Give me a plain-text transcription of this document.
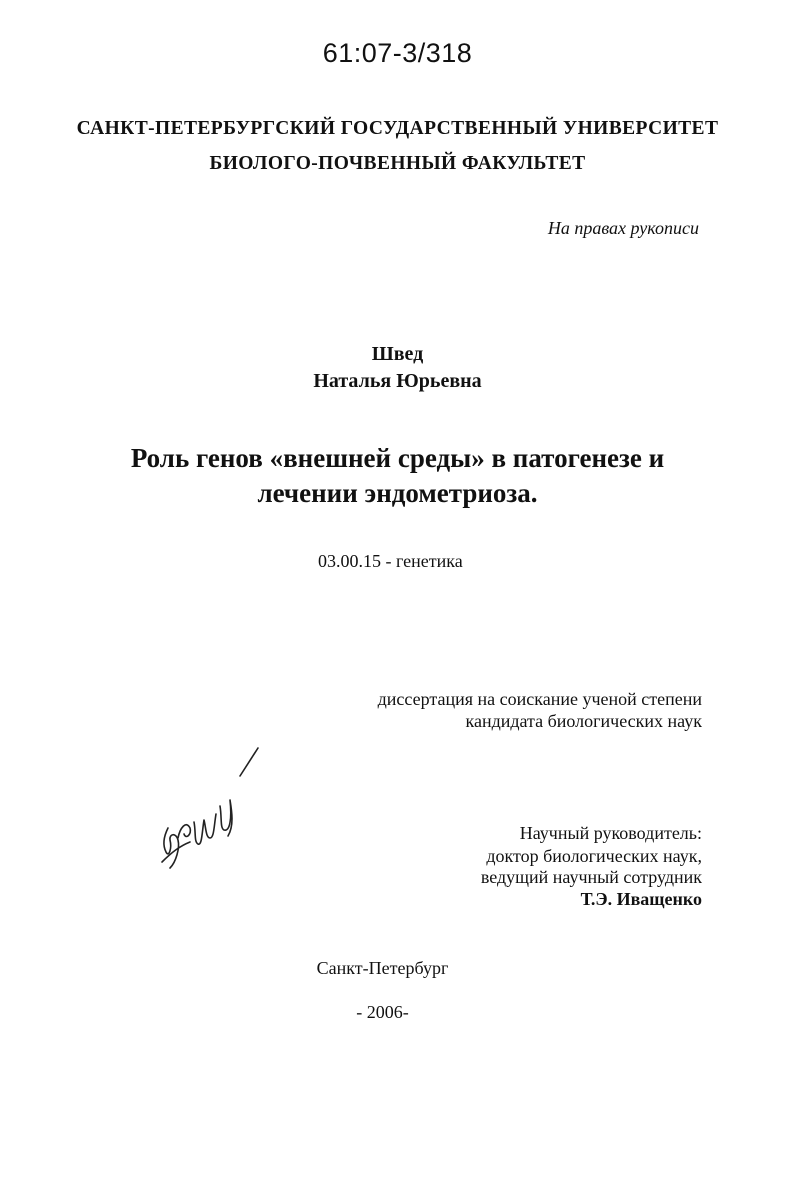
61:07-3/318
САНКТ-ПЕТЕРБУРГСКИЙ ГОСУДАРСТВЕННЫЙ УНИВЕРСИТЕТ
БИОЛОГО-ПОЧВЕННЫЙ ФАКУЛЬТЕТ
На правах рукописи
Швед
Наталья Юрьевна
Роль генов «внешней среды» в патогенезе и
лечении эндометриоза.
03.00.15 - генетика
диссертация на соискание ученой степени
кандидата биологических наук
Научный руководитель:
доктор биологических наук,
ведущий научный сотрудник
Т.Э. Иващенко
Санкт-Петербург
- 2006-
